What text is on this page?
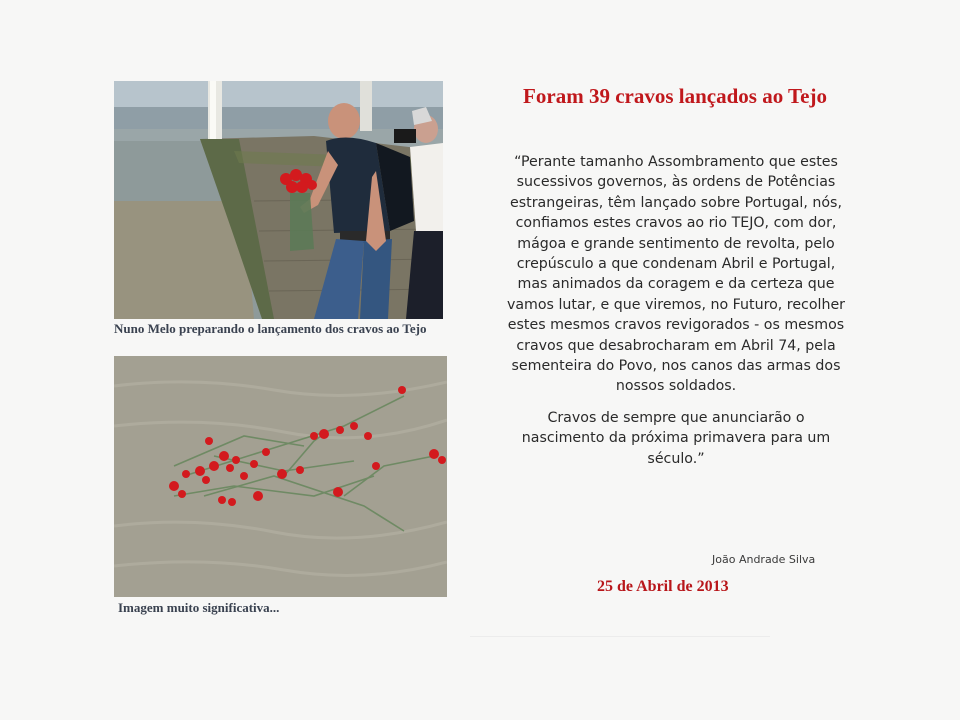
Nuno Melo preparando o lançamento dos cravos ao Tejo
Imagem muito significativa...
Foram 39 cravos lançados ao Tejo

“Perante tamanho Assombramento que estes sucessivos governos, às ordens de Potências estrangeiras, têm lançado sobre Portugal, nós, confiamos estes cravos ao rio TEJO, com dor, mágoa e grande sentimento de revolta, pelo crepúsculo a que condenam Abril e Portugal, mas animados da coragem e da certeza que vamos lutar, e que viremos, no Futuro, recolher estes mesmos cravos revigorados - os mesmos cravos que desabrocharam em Abril 74, pela sementeira do Povo, nos canos das armas dos nossos soldados.

Cravos de sempre que anunciarão o nascimento da próxima primavera para um século.”

João Andrade Silva
25 de Abril de 2013
